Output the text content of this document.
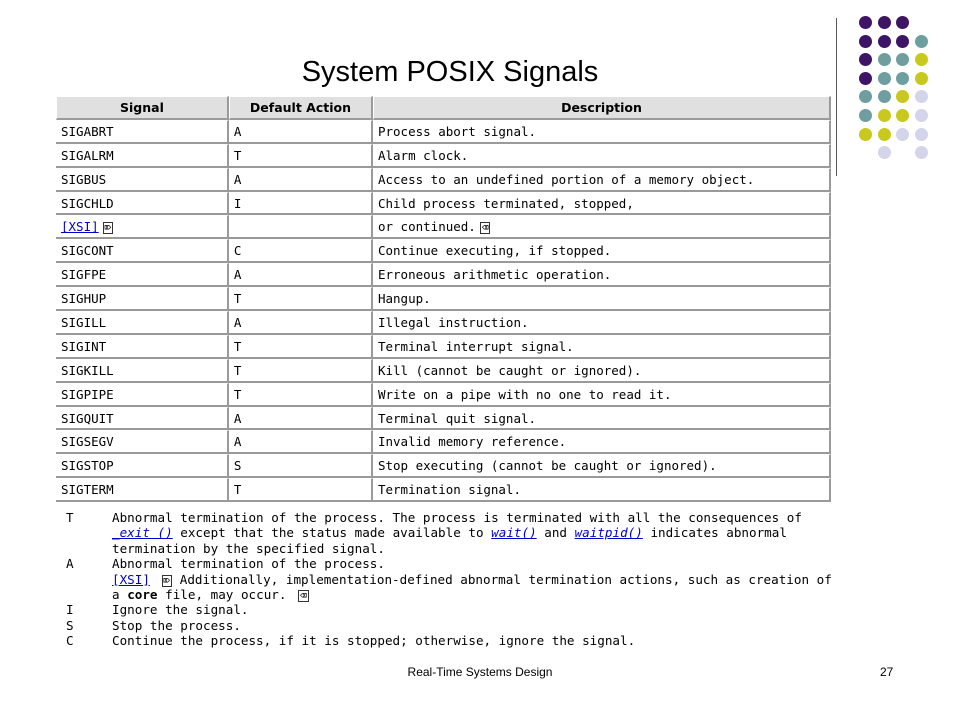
System POSIX Signals
Signal	Default Action	Description
SIGABRT	A	Process abort signal.
SIGALRM	T	Alarm clock.
SIGBUS	A	Access to an undefined portion of a memory object.
SIGCHLD	I	Child process terminated, stopped,
[XSI] ⌦		or continued. ⌫
SIGCONT	C	Continue executing, if stopped.
SIGFPE	A	Erroneous arithmetic operation.
SIGHUP	T	Hangup.
SIGILL	A	Illegal instruction.
SIGINT	T	Terminal interrupt signal.
SIGKILL	T	Kill (cannot be caught or ignored).
SIGPIPE	T	Write on a pipe with no one to read it.
SIGQUIT	A	Terminal quit signal.
SIGSEGV	A	Invalid memory reference.
SIGSTOP	S	Stop executing (cannot be caught or ignored).
SIGTERM	T	Termination signal.
T	Abnormal termination of the process. The process is terminated with all the consequences of _exit () except that the status made available to wait() and waitpid() indicates abnormal termination by the specified signal.
A	Abnormal termination of the process.
[XSI] ⌦ Additionally, implementation-defined abnormal termination actions, such as creation of a core file, may occur. ⌫
I	Ignore the signal.
S	Stop the process.
C	Continue the process, if it is stopped; otherwise, ignore the signal.
Real-Time Systems Design	27
